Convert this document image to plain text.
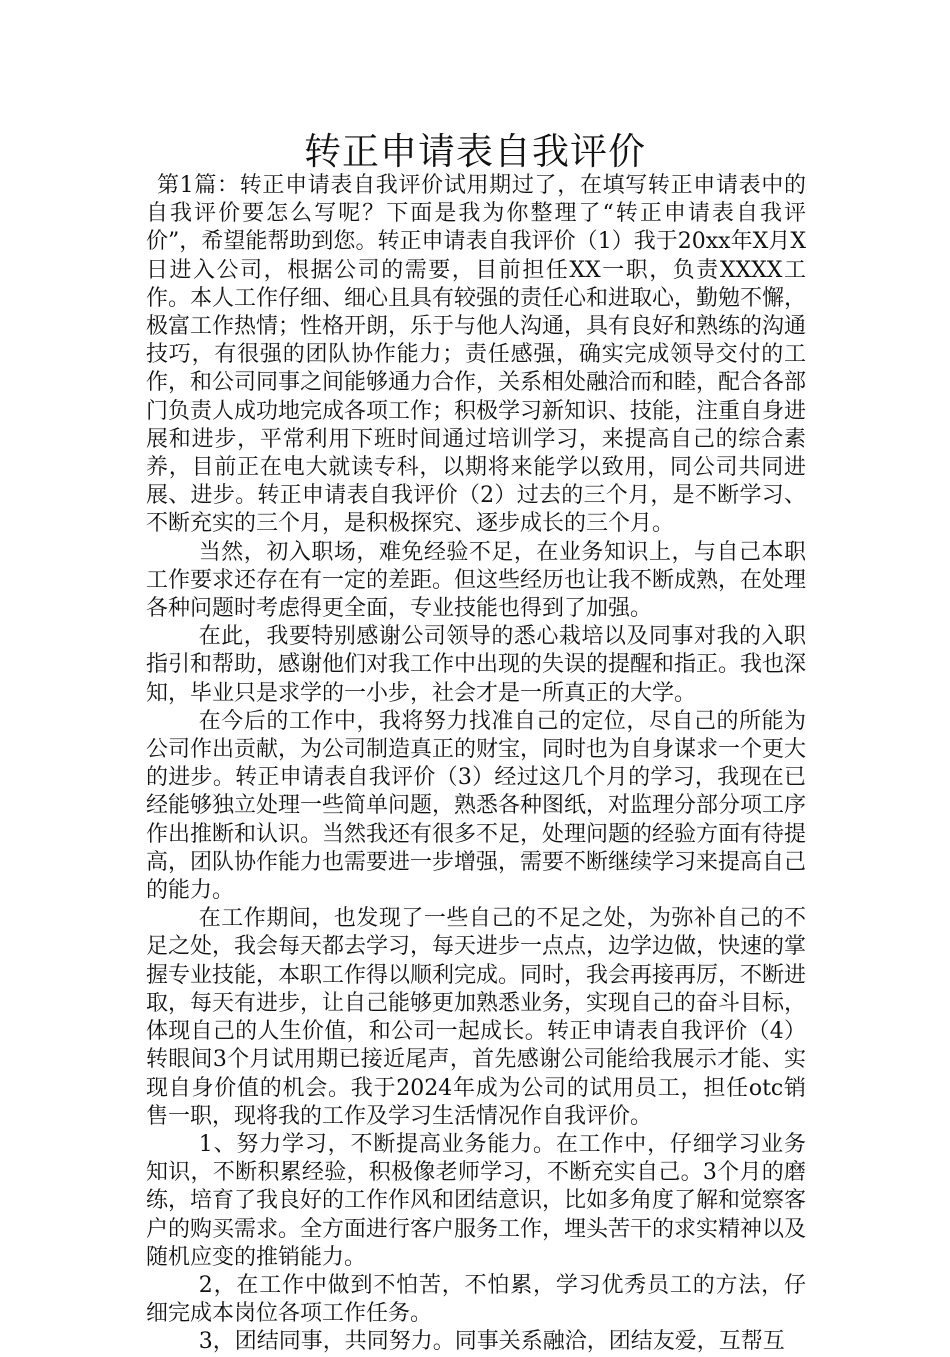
转正申请表自我评价

第1篇：转正申请表自我评价试用期过了，在填写转正申请表中的自我评价要怎么写呢？下面是我为你整理了“转正申请表自我评价”，希望能帮助到您。转正申请表自我评价（1）我于20xx年X月X日进入公司，根据公司的需要，目前担任XX一职，负责XXXX工作。本人工作仔细、细心且具有较强的责任心和进取心，勤勉不懈，极富工作热情；性格开朗，乐于与他人沟通，具有良好和熟练的沟通技巧，有很强的团队协作能力；责任感强，确实完成领导交付的工作，和公司同事之间能够通力合作，关系相处融洽而和睦，配合各部门负责人成功地完成各项工作；积极学习新知识、技能，注重自身进展和进步，平常利用下班时间通过培训学习，来提高自己的综合素养，目前正在电大就读专科，以期将来能学以致用，同公司共同进展、进步。转正申请表自我评价（2）过去的三个月，是不断学习、不断充实的三个月，是积极探究、逐步成长的三个月。

当然，初入职场，难免经验不足，在业务知识上，与自己本职工作要求还存在有一定的差距。但这些经历也让我不断成熟，在处理各种问题时考虑得更全面，专业技能也得到了加强。

在此，我要特别感谢公司领导的悉心栽培以及同事对我的入职指引和帮助，感谢他们对我工作中出现的失误的提醒和指正。我也深知，毕业只是求学的一小步，社会才是一所真正的大学。

在今后的工作中，我将努力找准自己的定位，尽自己的所能为公司作出贡献，为公司制造真正的财宝，同时也为自身谋求一个更大的进步。转正申请表自我评价（3）经过这几个月的学习，我现在已经能够独立处理一些简单问题，熟悉各种图纸，对监理分部分项工序作出推断和认识。当然我还有很多不足，处理问题的经验方面有待提高，团队协作能力也需要进一步增强，需要不断继续学习来提高自己的能力。

在工作期间，也发现了一些自己的不足之处，为弥补自己的不足之处，我会每天都去学习，每天进步一点点，边学边做，快速的掌握专业技能，本职工作得以顺利完成。同时，我会再接再厉，不断进取，每天有进步，让自己能够更加熟悉业务，实现自己的奋斗目标，体现自己的人生价值，和公司一起成长。转正申请表自我评价（4）转眼间3个月试用期已接近尾声，首先感谢公司能给我展示才能、实现自身价值的机会。我于2024年成为公司的试用员工，担任otc销售一职，现将我的工作及学习生活情况作自我评价。

1、努力学习，不断提高业务能力。在工作中，仔细学习业务知识，不断积累经验，积极像老师学习，不断充实自己。3个月的磨练，培育了我良好的工作作风和团结意识，比如多角度了解和觉察客户的购买需求。全方面进行客户服务工作，埋头苦干的求实精神以及随机应变的推销能力。

2，在工作中做到不怕苦，不怕累，学习优秀员工的方法，仔细完成本岗位各项工作任务。

3，团结同事，共同努力。同事关系融洽，团结友爱，互帮互
